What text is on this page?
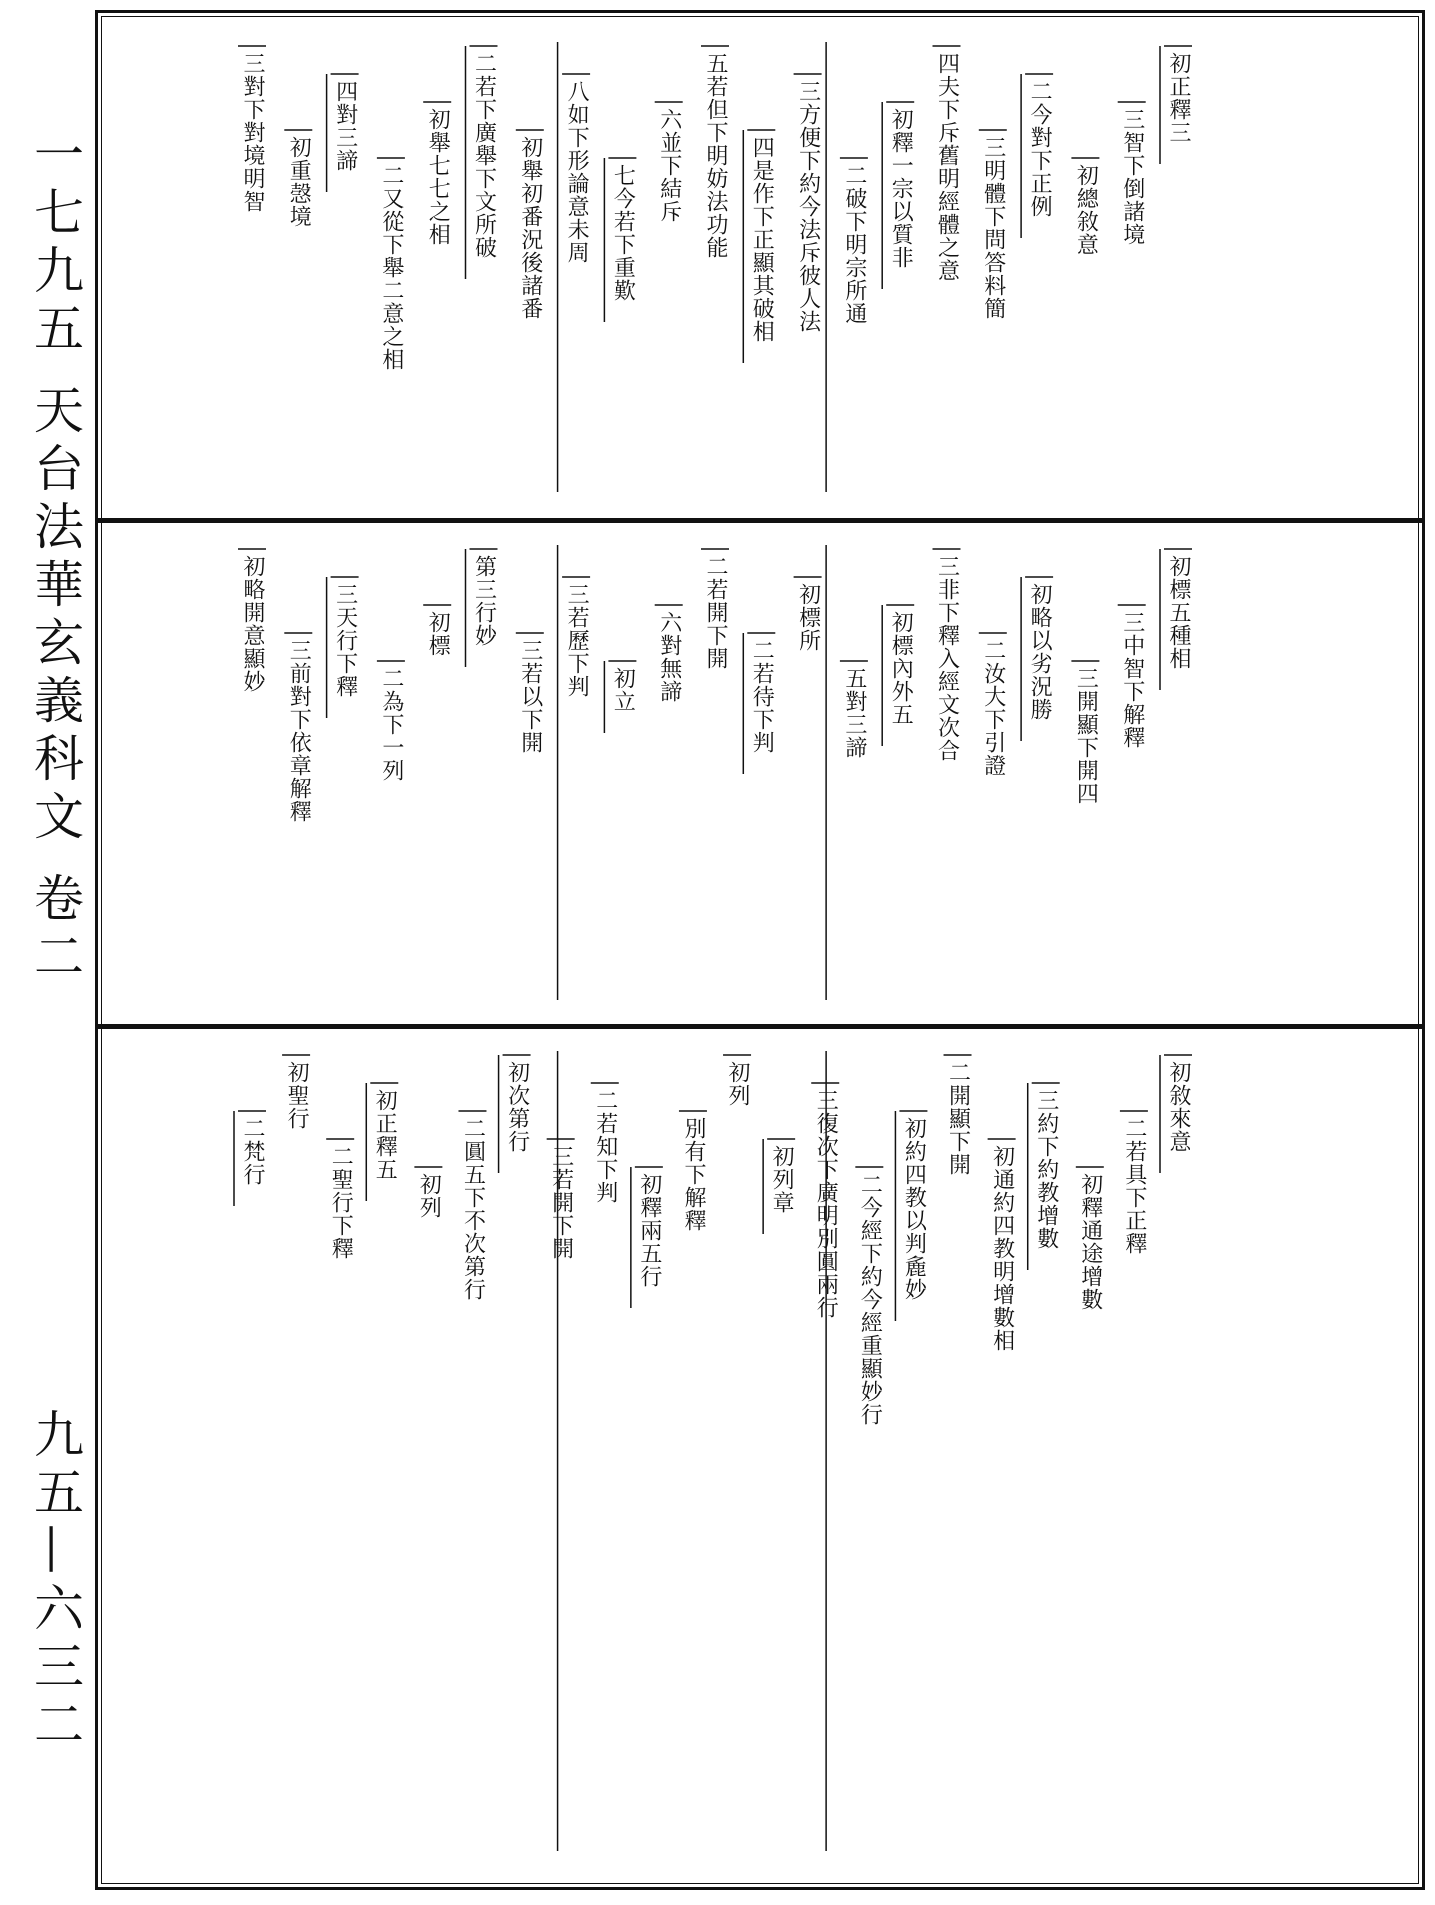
一七九五 天台法華玄義科文 卷二
九五—六三二
初正釋三
三智下倒諸境
初總敘意
二今對下正例
三明體下問答料簡
四夫下斥舊明經體之意
初釋一宗以質非
二破下明宗所通
三方便下約今法斥彼人法
四是作下正顯其破相
五若但下明妨法功能
六並下結斥
七今若下重歎
八如下形論意未周
初舉初番況後諸番
二若下廣舉下文所破
初舉七七之相
二又從下舉二意之相
四對三諦
初重愨境
三對下對境明智
初標五種相
三中智下解釋
三開顯下開四
初略以劣況勝
二汝大下引證
三非下釋入經文次合
初標內外五
五對三諦
初標所
二若待下判
二若開下開
六對無諦
初立
三若歷下判
三若以下開
第三行妙
初標
二為下一列
三天行下釋
三前對下依章解釋
初略開意顯妙
初敘來意
二若具下正釋
初釋通途增數
三約下約教增數
初通約四教明增數相
二開顯下開
初約四教以判麁妙
二今經下約今經重顯妙行
三復次下廣明別圓兩行
初列章
初列
別有下解釋
初釋兩五行
二若知下判
三若開下開
初次第行
二圓五下不次第行
初列
初正釋五
二聖行下釋
初聖行
二梵行
